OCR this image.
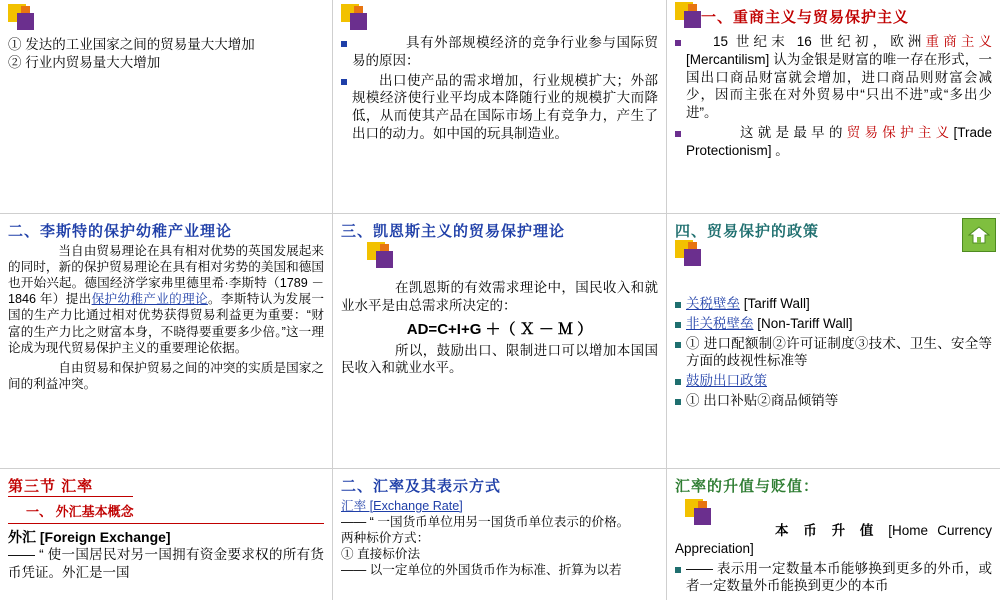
① 发达的工业国家之间的贸易量大大增加
② 行业内贸易量大大增加
具有外部规模经济的竞争行业参与国际贸易的原因：
出口使产品的需求增加，行业规模扩大；外部规模经济使行业平均成本降随行业的规模扩大而降低，从而使其产品在国际市场上有竞争力，产生了出口的动力。如中国的玩具制造业。
一、重商主义与贸易保护主义
15 世纪末 16 世纪初，欧洲重商主义[Mercantilism] 认为金银是财富的唯一存在形式，一国出口商品财富就会增加，进口商品则财富会减少，因而主张在对外贸易中“只出不进”或“多出少进”。
这就是最早的贸易保护主义[Trade Protectionism] 。
二、李斯特的保护幼稚产业理论
当自由贸易理论在具有相对优势的英国发展起来的同时，新的保护贸易理论在具有相对劣势的美国和德国也开始兴起。德国经济学家弗里德里希·李斯特（1789 － 1846 年）提出保护幼稚产业的理论。李斯特认为发展一国的生产力比通过相对优势获得贸易利益更为重要：“财富的生产力比之财富本身，不晓得要重要多少倍。”这一理论成为现代贸易保护主义的重要理论依据。
自由贸易和保护贸易之间的冲突的实质是国家之间的利益冲突。
三、凯恩斯主义的贸易保护理论
在凯恩斯的有效需求理论中，国民收入和就业水平是由总需求所决定的：
AD=C+I+G ＋（ Ｘ － Ｍ ）
所以，鼓励出口、限制进口可以增加本国国民收入和就业水平。
四、贸易保护的政策
关税壁垒 [Tariff Wall]
非关税壁垒 [Non-Tariff Wall]
① 进口配额制②许可证制度③技术、卫生、安全等方面的歧视性标准等
鼓励出口政策
① 出口补贴②商品倾销等
第三节 汇率
一、 外汇基本概念
外汇 [Foreign Exchange]
—— “ 使一国居民对另一国拥有资金要求权的所有货币凭证。外汇是一国
二、汇率及其表示方式
汇率 [Exchange Rate]
—— “ 一国货币单位用另一国货币单位表示的价格。
两种标价方式：
① 直接标价法
—— 以一定单位的外国货币作为标准、折算为以若
汇率的升值与贬值：
本 币 升 值 [Home Currency Appreciation]
—— 表示用一定数量本币能够换到更多的外币，或者一定数量外币能换到更少的本币
